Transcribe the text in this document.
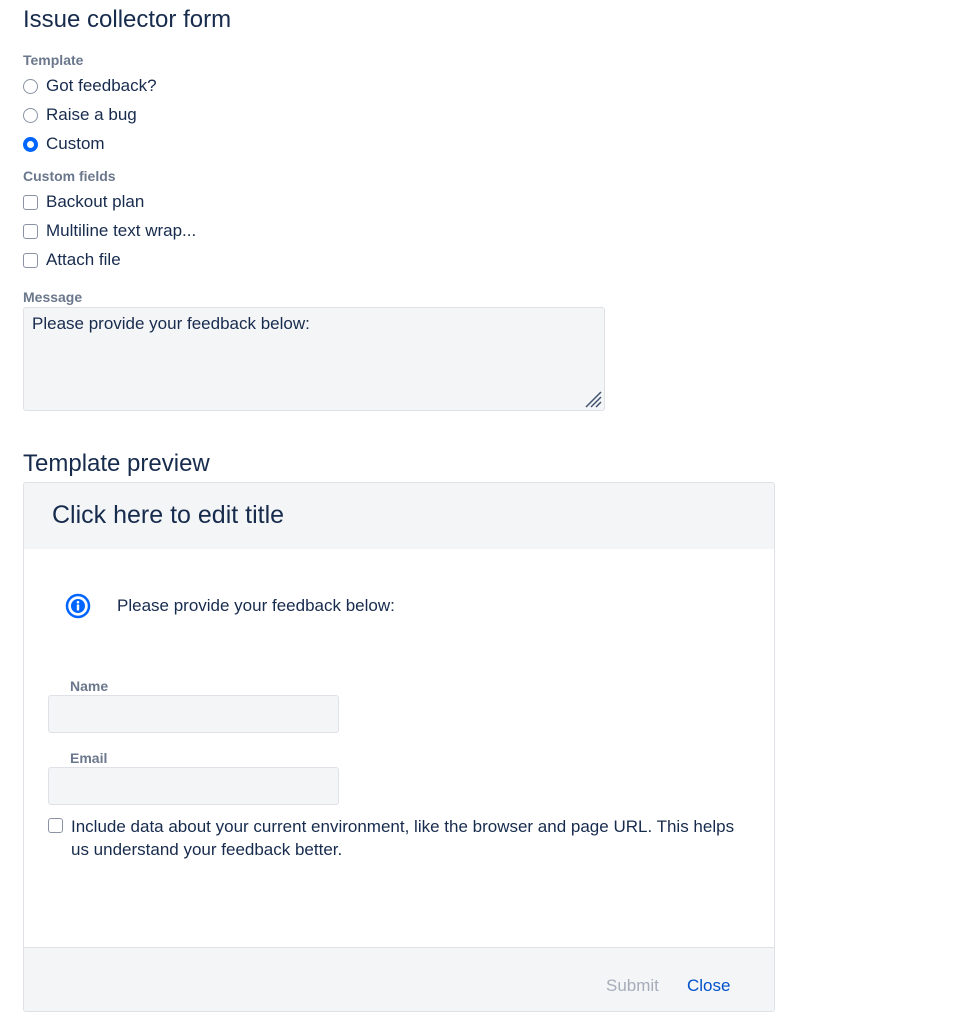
Issue collector form
Template
Got feedback?
Raise a bug
Custom
Custom fields
Backout plan
Multiline text wrap...
Attach file
Message
Please provide your feedback below:
Template preview
Click here to edit title
Please provide your feedback below:
Name
Email
Include data about your current environment, like the browser and page URL. This helps us understand your feedback better.
Submit Close
